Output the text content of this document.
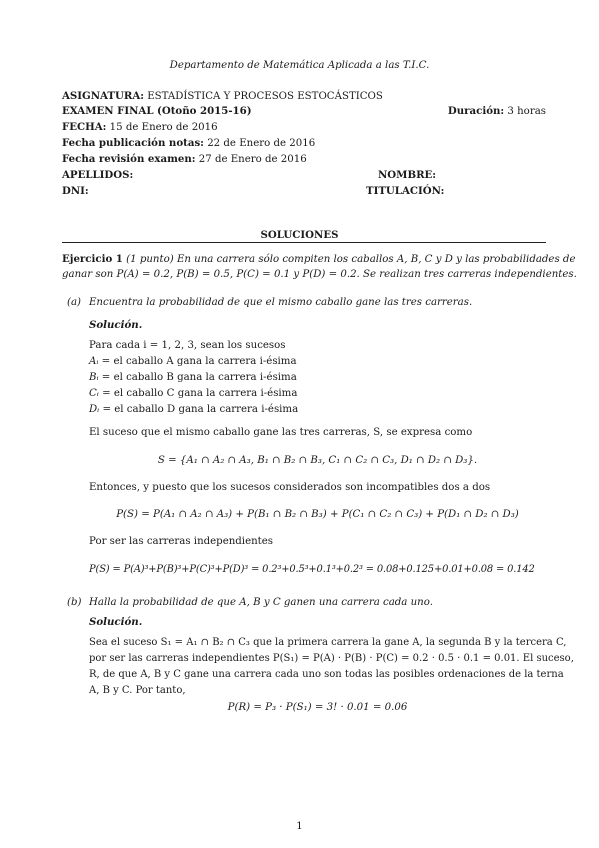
Departamento de Matemática Aplicada a las T.I.C.
ASIGNATURA: ESTADÍSTICA Y PROCESOS ESTOCÁSTICOS
EXAMEN FINAL (Otoño 2015-16)	Duración: 3 horas
FECHA: 15 de Enero de 2016
Fecha publicación notas: 22 de Enero de 2016
Fecha revisión examen: 27 de Enero de 2016
APELLIDOS:	NOMBRE:
DNI:	TITULACIÓN:
SOLUCIONES
Ejercicio 1 (1 punto) En una carrera sólo compiten los caballos A, B, C y D y las probabilidades de
ganar son P(A) = 0.2, P(B) = 0.5, P(C) = 0.1 y P(D) = 0.2. Se realizan tres carreras independientes.
(a) Encuentra la probabilidad de que el mismo caballo gane las tres carreras.
Solución.
Para cada i = 1, 2, 3, sean los sucesos
Aᵢ = el caballo A gana la carrera i-ésima
Bᵢ = el caballo B gana la carrera i-ésima
Cᵢ = el caballo C gana la carrera i-ésima
Dᵢ = el caballo D gana la carrera i-ésima
El suceso que el mismo caballo gane las tres carreras, S, se expresa como
S = {A₁ ∩ A₂ ∩ A₃, B₁ ∩ B₂ ∩ B₃, C₁ ∩ C₂ ∩ C₃, D₁ ∩ D₂ ∩ D₃}.
Entonces, y puesto que los sucesos considerados son incompatibles dos a dos
P(S) = P(A₁ ∩ A₂ ∩ A₃) + P(B₁ ∩ B₂ ∩ B₃) + P(C₁ ∩ C₂ ∩ C₃) + P(D₁ ∩ D₂ ∩ D₃)
Por ser las carreras independientes
P(S) = P(A)³+P(B)³+P(C)³+P(D)³ = 0.2³+0.5³+0.1³+0.2³ = 0.08+0.125+0.01+0.08 = 0.142
(b) Halla la probabilidad de que A, B y C ganen una carrera cada uno.
Solución.
Sea el suceso S₁ = A₁ ∩ B₂ ∩ C₃ que la primera carrera la gane A, la segunda B y la tercera C,
por ser las carreras independientes P(S₁) = P(A) · P(B) · P(C) = 0.2 · 0.5 · 0.1 = 0.01. El suceso,
R, de que A, B y C gane una carrera cada uno son todas las posibles ordenaciones de la terna
A, B y C. Por tanto,
P(R) = P₃ · P(S₁) = 3! · 0.01 = 0.06
1
